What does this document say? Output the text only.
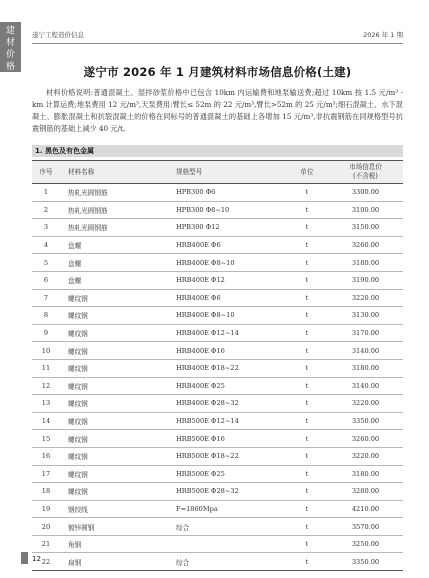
建
材
价
格
遂宁工程造价信息	2026 年 1 期
遂宁市 2026 年 1 月建筑材料市场信息价格(土建)
材料价格说明:普通混凝土、湿拌砂浆价格中已包含 10km 内运输费和地泵输送费;超过 10km 按 1.5 元/m³ · km 计算运费;地泵费用 12 元/m³,天泵费用:臂长≤ 52m 的 22 元/m³,臂长>52m 的 25 元/m³;细石混凝土、水下混凝土、膨胀混凝土和抗裂混凝土的价格在同标号的普通混凝土的基础上各增加 15 元/m³,非抗震钢筋在同规格型号抗震钢筋的基础上减少 40 元/t。
1. 黑色及有色金属
序号	材料名称	规格型号	单位	市场信息价
(不含税)
1	热轧光圆钢筋	HPB300 Φ6	t	3300.00
2	热轧光圆钢筋	HPB300 Φ8~10	t	3100.00
3	热轧光圆钢筋	HPB300 Φ12	t	3150.00
4	盘螺	HRB400E Φ6	t	3260.00
5	盘螺	HRB400E Φ8~10	t	3180.00
6	盘螺	HRB400E Φ12	t	3190.00
7	螺纹钢	HRB400E Φ6	t	3220.00
8	螺纹钢	HRB400E Φ8~10	t	3130.00
9	螺纹钢	HRB400E Φ12~14	t	3170.00
10	螺纹钢	HRB400E Φ16	t	3140.00
11	螺纹钢	HRB400E Φ18~22	t	3180.00
12	螺纹钢	HRB400E Φ25	t	3140.00
13	螺纹钢	HRB400E Φ28~32	t	3220.00
14	螺纹钢	HRB500E Φ12~14	t	3350.00
15	螺纹钢	HRB500E Φ16	t	3260.00
16	螺纹钢	HRB500E Φ18~22	t	3220.00
17	螺纹钢	HRB500E Φ25	t	3180.00
18	螺纹钢	HRB500E Φ28~32	t	3280.00
19	钢绞线	F=1860Mpa	t	4210.00
20	镀锌圆钢	综合	t	3570.00
21	角钢		t	3250.00
22	扁钢	综合	t	3350.00
12
